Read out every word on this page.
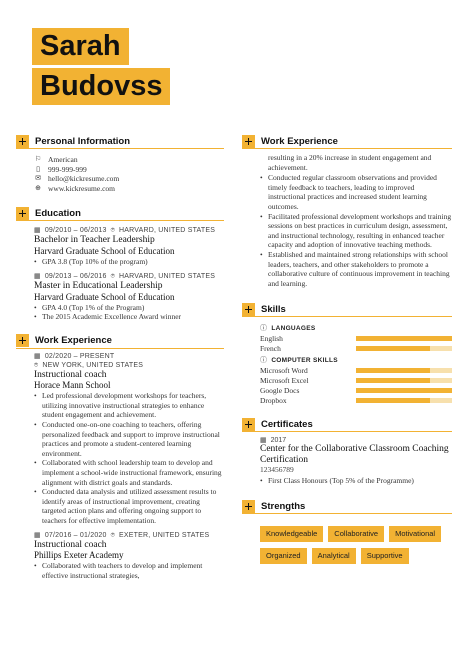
Sarah
Budovss
Personal Information
⚐ American
▯ 999-999-999
✉ hello@kickresume.com
⊕ www.kickresume.com
Education
▦ 09/2010 – 06/2013 ⌾ HARVARD, UNITED STATES
Bachelor in Teacher Leadership
Harvard Graduate School of Education
• GPA 3.8 (Top 10% of the program)
▦ 09/2013 – 06/2016 ⌾ HARVARD, UNITED STATES
Master in Educational Leadership
Harvard Graduate School of Education
• GPA 4.0 (Top 1% of the Program)
• The 2015 Academic Excellence Award winner
Work Experience
▦ 02/2020 – PRESENT
⌾ NEW YORK, UNITED STATES
Instructional coach
Horace Mann School
• Led professional development workshops for teachers, utilizing innovative instructional strategies to enhance student engagement and achievement.
• Conducted one-on-one coaching to teachers, offering personalized feedback and support to improve instructional practices and promote a student-centered learning environment.
• Collaborated with school leadership team to develop and implement a school-wide instructional framework, ensuring alignment with district goals and standards.
• Conducted data analysis and utilized assessment results to identify areas of instructional improvement, creating targeted action plans and offering ongoing support to teachers for effective implementation.
▦ 07/2016 – 01/2020 ⌾ EXETER, UNITED STATES
Instructional coach
Phillips Exeter Academy
• Collaborated with teachers to develop and implement effective instructional strategies,
Work Experience
resulting in a 20% increase in student engagement and achievement.
• Conducted regular classroom observations and provided timely feedback to teachers, leading to improved instructional practices and increased student learning outcomes.
• Facilitated professional development workshops and training sessions on best practices in curriculum design, assessment, and instructional technology, resulting in enhanced teacher capacity and adoption of innovative teaching methods.
• Established and maintained strong relationships with school leaders, teachers, and other stakeholders to promote a collaborative culture of continuous improvement in teaching and learning.
Skills
ⓘ LANGUAGES
English
French
ⓘ COMPUTER SKILLS
Microsoft Word
Microsoft Excel
Google Docs
Dropbox
Certificates
▦ 2017
Center for the Collaborative Classroom Coaching Certification
123456789
• First Class Honours (Top 5% of the Programme)
Strengths
Knowledgeable	Collaborative	Motivational
Organized	Analytical	Supportive
